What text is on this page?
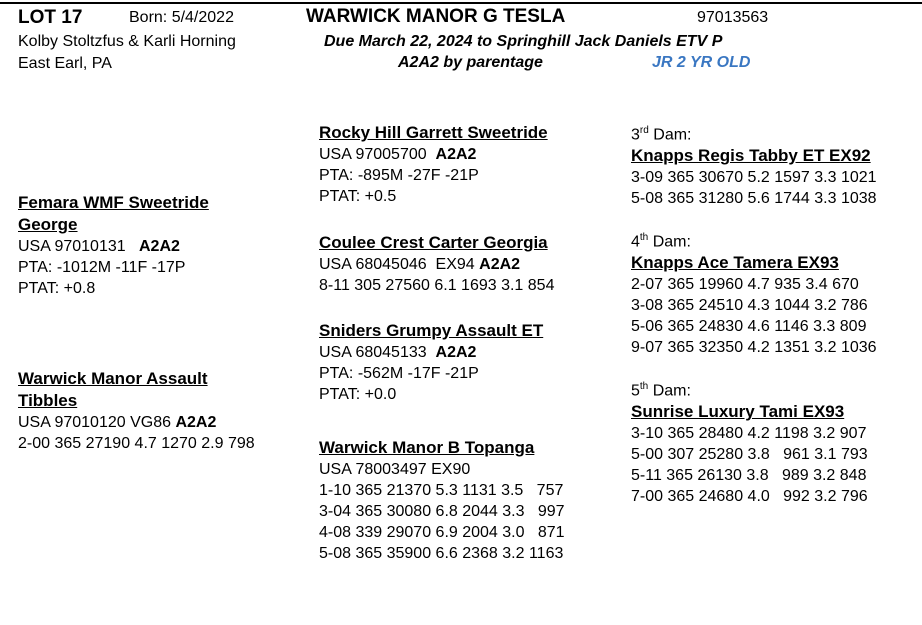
LOT 17	Born: 5/4/2022	WARWICK MANOR G TESLA	97013563
Kolby Stoltzfus & Karli Horning
East Earl, PA
Due March 22, 2024 to Springhill Jack Daniels ETV P
A2A2 by parentage	JR 2 YR OLD
Femara WMF Sweetride
George
USA 97010131 A2A2
PTA: -1012M -11F -17P
PTAT: +0.8
Warwick Manor Assault
Tibbles
USA 97010120 VG86 A2A2
2-00 365 27190 4.7 1270 2.9 798
Rocky Hill Garrett Sweetride
USA 97005700 A2A2
PTA: -895M -27F -21P
PTAT: +0.5
Coulee Crest Carter Georgia
USA 68045046  EX94 A2A2
8-11 305 27560 6.1 1693 3.1 854
Sniders Grumpy Assault ET
USA 68045133 A2A2
PTA: -562M -17F -21P
PTAT: +0.0
Warwick Manor B Topanga
USA 78003497 EX90
1-10 365 21370 5.3 1131 3.5   757
3-04 365 30080 6.8 2044 3.3   997
4-08 339 29070 6.9 2004 3.0   871
5-08 365 35900 6.6 2368 3.2 1163
3rd Dam:
Knapps Regis Tabby ET EX92
3-09 365 30670 5.2 1597 3.3 1021
5-08 365 31280 5.6 1744 3.3 1038
4th Dam:
Knapps Ace Tamera EX93
2-07 365 19960 4.7 935 3.4 670
3-08 365 24510 4.3 1044 3.2 786
5-06 365 24830 4.6 1146 3.3 809
9-07 365 32350 4.2 1351 3.2 1036
5th Dam:
Sunrise Luxury Tami EX93
3-10 365 28480 4.2 1198 3.2 907
5-00 307 25280 3.8   961 3.1 793
5-11 365 26130 3.8   989 3.2 848
7-00 365 24680 4.0   992 3.2 796
